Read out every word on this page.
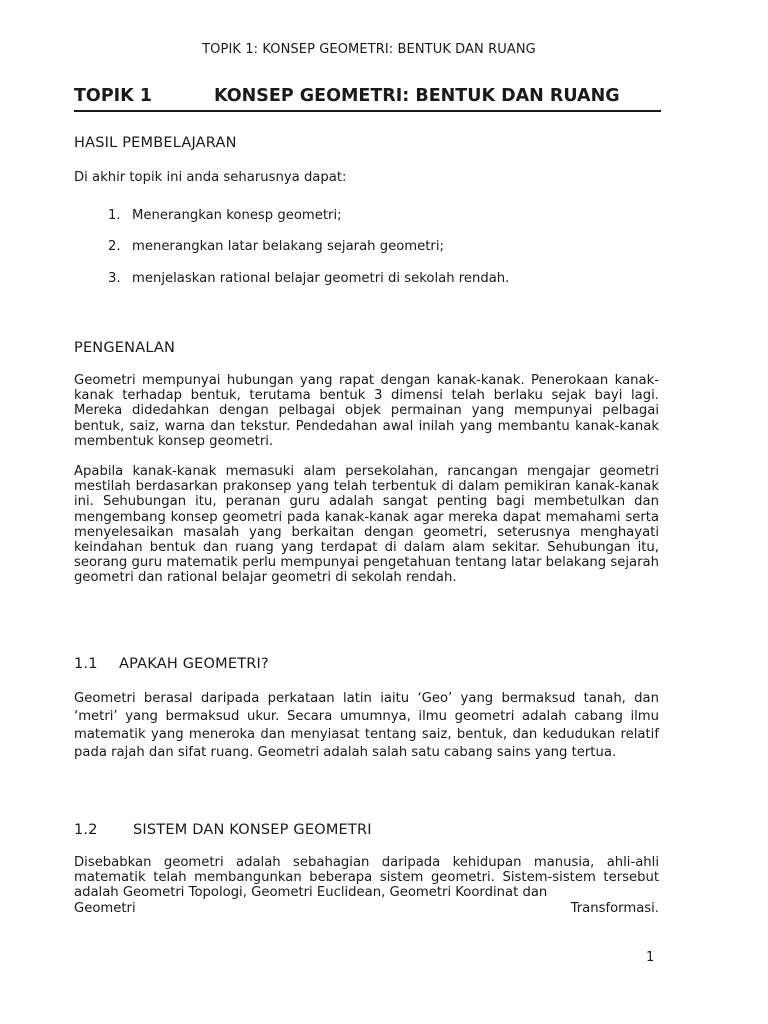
TOPIK 1: KONSEP GEOMETRI: BENTUK DAN RUANG
TOPIK 1	KONSEP GEOMETRI: BENTUK DAN RUANG
HASIL PEMBELAJARAN
Di akhir topik ini anda seharusnya dapat:
1. Menerangkan konesp geometri;
2. menerangkan latar belakang sejarah geometri;
3. menjelaskan rational belajar geometri di sekolah rendah.
PENGENALAN
Geometri mempunyai hubungan yang rapat dengan kanak-kanak. Penerokaan kanak-kanak terhadap bentuk, terutama bentuk 3 dimensi telah berlaku sejak bayi lagi. Mereka didedahkan dengan pelbagai objek permainan yang mempunyai pelbagai bentuk, saiz, warna dan tekstur. Pendedahan awal inilah yang membantu kanak-kanak membentuk konsep geometri.
Apabila kanak-kanak memasuki alam persekolahan, rancangan mengajar geometri mestilah berdasarkan prakonsep yang telah terbentuk di dalam pemikiran kanak-kanak ini. Sehubungan itu, peranan guru adalah sangat penting bagi membetulkan dan mengembang konsep geometri pada kanak-kanak agar mereka dapat memahami serta menyelesaikan masalah yang berkaitan dengan geometri, seterusnya menghayati keindahan bentuk dan ruang yang terdapat di dalam alam sekitar. Sehubungan itu, seorang guru matematik perlu mempunyai pengetahuan tentang latar belakang sejarah geometri dan rational belajar geometri di sekolah rendah.
1.1 APAKAH GEOMETRI?
Geometri berasal daripada perkataan latin iaitu ‘Geo’ yang bermaksud tanah, dan ‘metri’ yang bermaksud ukur. Secara umumnya, ilmu geometri adalah cabang ilmu matematik yang meneroka dan menyiasat tentang saiz, bentuk, dan kedudukan relatif pada rajah dan sifat ruang. Geometri adalah salah satu cabang sains yang tertua.
1.2 SISTEM DAN KONSEP GEOMETRI
Disebabkan geometri adalah sebahagian daripada kehidupan manusia, ahli-ahli matematik telah membangunkan beberapa sistem geometri. Sistem-sistem tersebut adalah Geometri Topologi, Geometri Euclidean, Geometri Koordinat dan
Geometri	Transformasi.
1
